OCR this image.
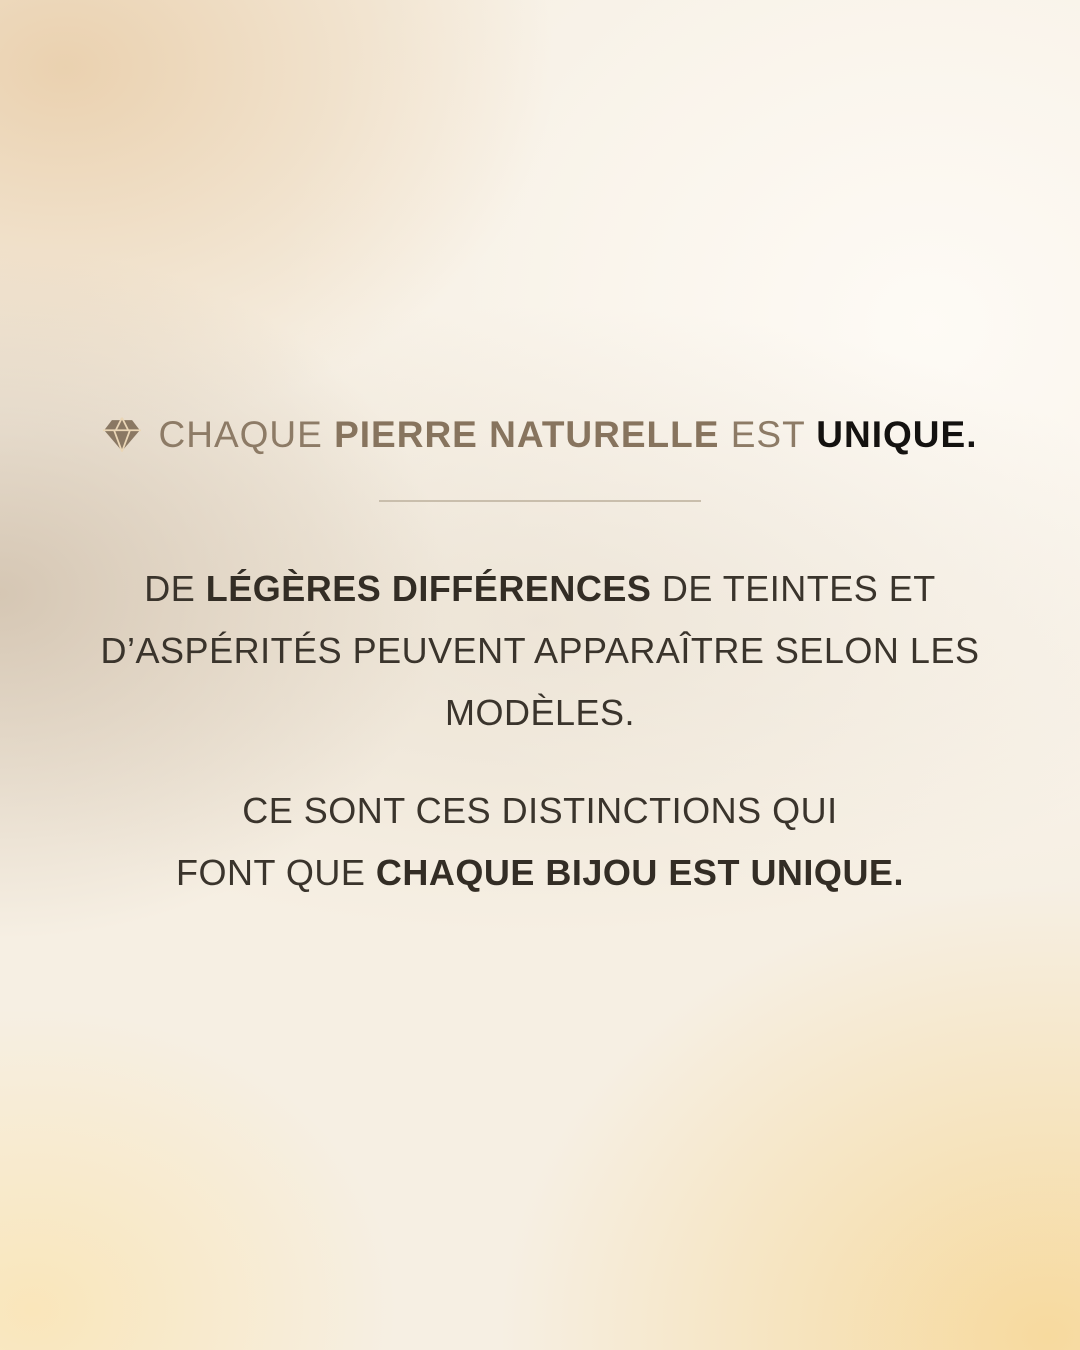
CHAQUE PIERRE NATURELLE EST UNIQUE.
DE LÉGÈRES DIFFÉRENCES DE TEINTES ET
D’ASPÉRITÉS PEUVENT APPARAÎTRE SELON LES
MODÈLES.
CE SONT CES DISTINCTIONS QUI
FONT QUE CHAQUE BIJOU EST UNIQUE.
